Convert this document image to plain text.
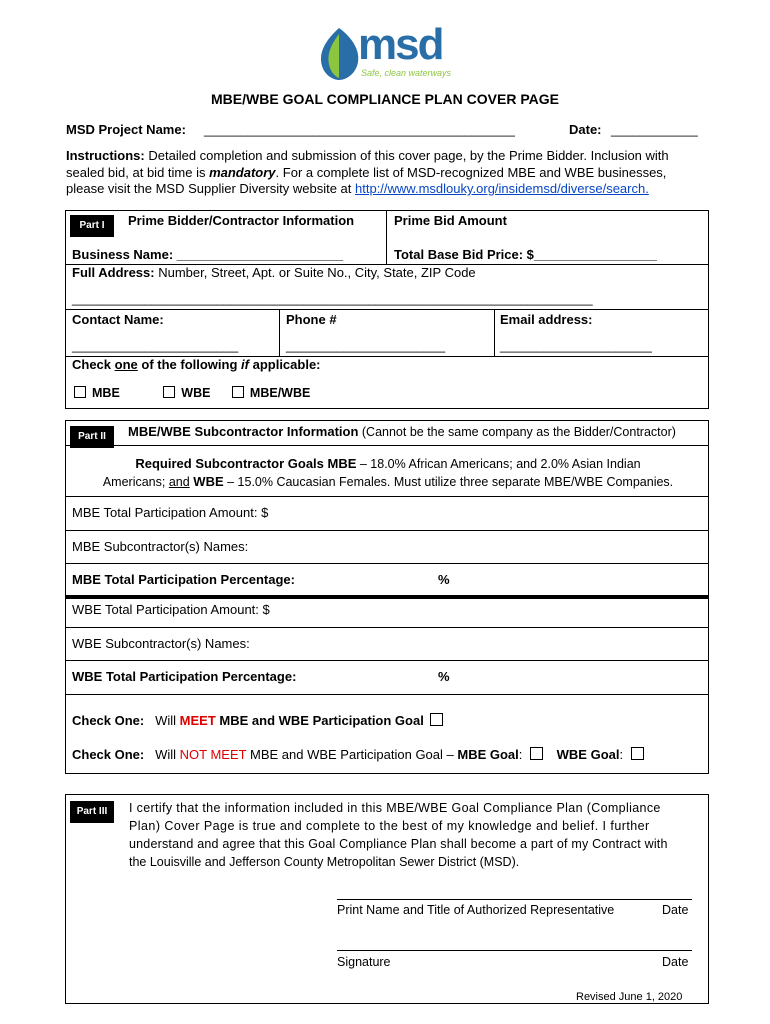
msd
Safe, clean waterways
MBE/WBE GOAL COMPLIANCE PLAN COVER PAGE
MSD Project Name: ___________________________________________	Date: ____________
Instructions: Detailed completion and submission of this cover page, by the Prime Bidder. Inclusion with
sealed bid, at bid time is mandatory. For a complete list of MSD-recognized MBE and WBE businesses,
please visit the MSD Supplier Diversity website at http://www.msdlouky.org/insidemsd/diverse/search.
Part I	Prime Bidder/Contractor Information	Prime Bid Amount
Business Name: _______________________	Total Base Bid Price: $_________________
Full Address: Number, Street, Apt. or Suite No., City, State, ZIP Code
________________________________________________________________________
Contact Name:	Phone #	Email address:
_______________________	______________________	_____________________
Check one of the following if applicable:
MBE	WBE	MBE/WBE
Part II	MBE/WBE Subcontractor Information (Cannot be the same company as the Bidder/Contractor)
Required Subcontractor Goals MBE – 18.0% African Americans; and 2.0% Asian Indian
Americans; and WBE – 15.0% Caucasian Females. Must utilize three separate MBE/WBE Companies.
MBE Total Participation Amount: $
MBE Subcontractor(s) Names:
MBE Total Participation Percentage:	%
WBE Total Participation Amount: $
WBE Subcontractor(s) Names:
WBE Total Participation Percentage:	%
Check One: Will MEET MBE and WBE Participation Goal
Check One: Will NOT MEET MBE and WBE Participation Goal – MBE Goal:  WBE Goal:
Part III	I certify that the information included in this MBE/WBE Goal Compliance Plan (Compliance
Plan) Cover Page is true and complete to the best of my knowledge and belief. I further
understand and agree that this Goal Compliance Plan shall become a part of my Contract with
the Louisville and Jefferson County Metropolitan Sewer District (MSD).
Print Name and Title of Authorized Representative	Date
Signature	Date
Revised June 1, 2020
